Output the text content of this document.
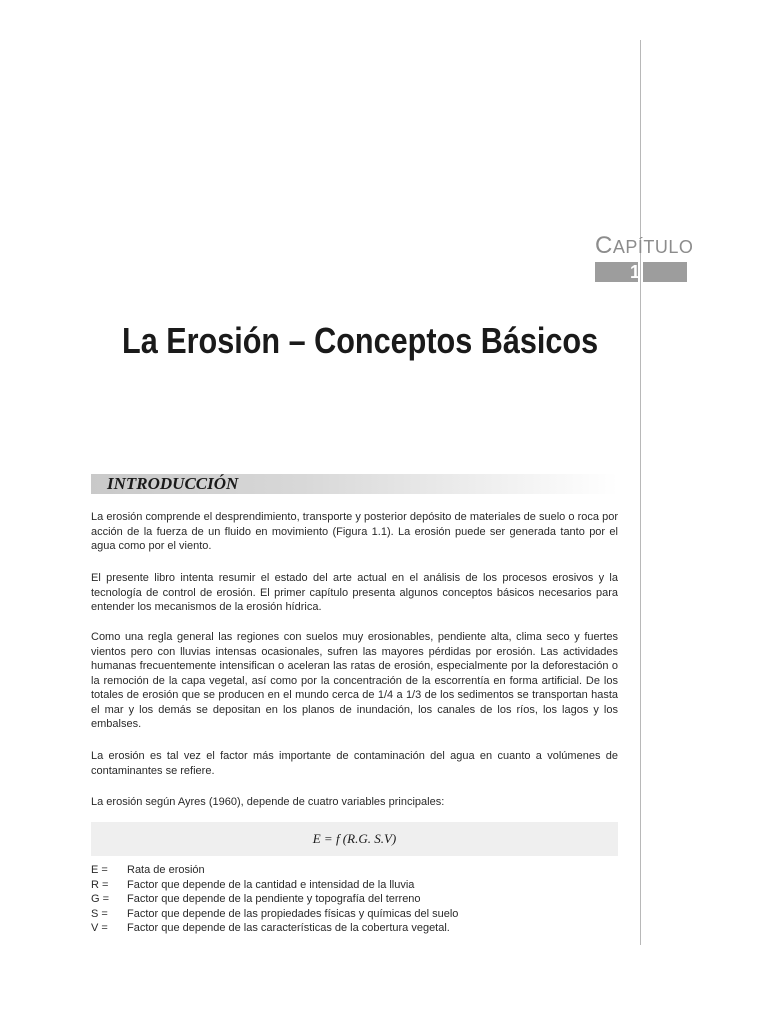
CAPÍTULO
1
La Erosión – Conceptos Básicos
INTRODUCCIÓN

La erosión comprende el desprendimiento, transporte y posterior depósito de materiales de suelo o roca por acción de la fuerza de un fluido en movimiento (Figura 1.1). La erosión puede ser generada tanto por el agua como por el viento.

El presente libro intenta resumir el estado del arte actual en el análisis de los procesos erosivos y la tecnología de control de erosión. El primer capítulo presenta algunos conceptos básicos necesarios para entender los mecanismos de la erosión hídrica.

Como una regla general las regiones con suelos muy erosionables, pendiente alta, clima seco y fuertes vientos pero con lluvias intensas ocasionales, sufren las mayores pérdidas por erosión. Las actividades humanas frecuentemente intensifican o aceleran las ratas de erosión, especialmente por la deforestación o la remoción de la capa vegetal, así como por la concentración de la escorrentía en forma artificial. De los totales de erosión que se producen en el mundo cerca de 1/4 a 1/3 de los sedimentos se transportan hasta el mar y los demás se depositan en los planos de inundación, los canales de los ríos, los lagos y los embalses.

La erosión es tal vez el factor más importante de contaminación del agua en cuanto a volúmenes de contaminantes se refiere.

La erosión según Ayres (1960), depende de cuatro variables principales:

E = f (R.G. S.V)
E =	Rata de erosión
R =	Factor que depende de la cantidad e intensidad de la lluvia
G =	Factor que depende de la pendiente y topografía del terreno
S =	Factor que depende de las propiedades físicas y químicas del suelo
V =	Factor que depende de las características de la cobertura vegetal.
